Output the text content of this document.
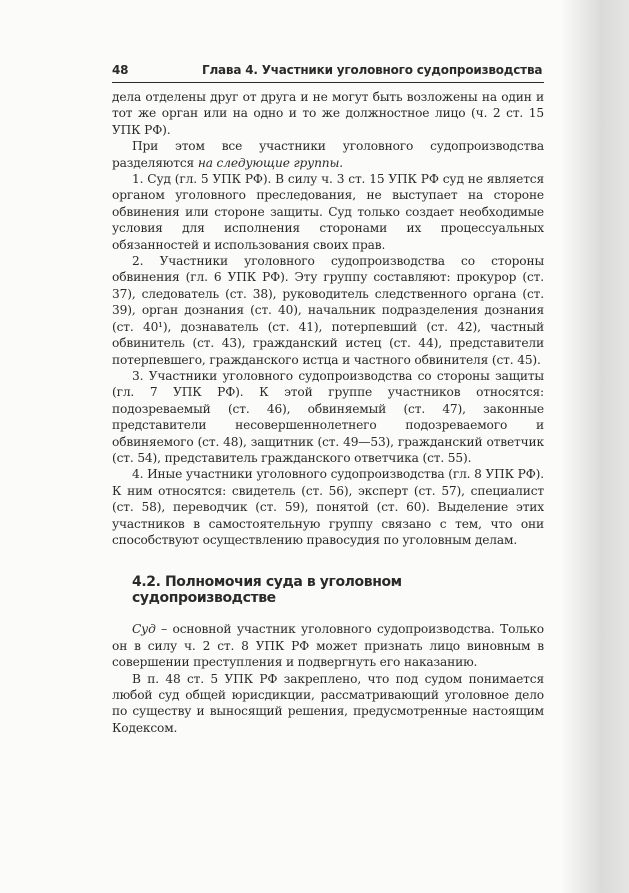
48	Глава 4. Участники уголовного судопроизводства

дела отделены друг от друга и не могут быть возложены на один и тот же орган или на одно и то же должностное лицо (ч. 2 ст. 15 УПК РФ).

При этом все участники уголовного судопроизводства разделяются на следующие группы.

1. Суд (гл. 5 УПК РФ). В силу ч. 3 ст. 15 УПК РФ суд не является органом уголовного преследования, не выступает на стороне обвинения или стороне защиты. Суд только создает необходимые условия для исполнения сторонами их процессуальных обязанностей и использования своих прав.

2. Участники уголовного судопроизводства со стороны обвинения (гл. 6 УПК РФ). Эту группу составляют: прокурор (ст. 37), следователь (ст. 38), руководитель следственного органа (ст. 39), орган дознания (ст. 40), начальник подразделения дознания (ст. 40¹), дознаватель (ст. 41), потерпевший (ст. 42), частный обвинитель (ст. 43), гражданский истец (ст. 44), представители потерпевшего, гражданского истца и частного обвинителя (ст. 45).

3. Участники уголовного судопроизводства со стороны защиты (гл. 7 УПК РФ). К этой группе участников относятся: подозреваемый (ст. 46), обвиняемый (ст. 47), законные представители несовершеннолетнего подозреваемого и обвиняемого (ст. 48), защитник (ст. 49—53), гражданский ответчик (ст. 54), представитель гражданского ответчика (ст. 55).

4. Иные участники уголовного судопроизводства (гл. 8 УПК РФ). К ним относятся: свидетель (ст. 56), эксперт (ст. 57), специалист (ст. 58), переводчик (ст. 59), понятой (ст. 60). Выделение этих участников в самостоятельную группу связано с тем, что они способствуют осуществлению правосудия по уголовным делам.

4.2. Полномочия суда в уголовном судопроизводстве

Суд – основной участник уголовного судопроизводства. Только он в силу ч. 2 ст. 8 УПК РФ может признать лицо виновным в совершении преступления и подвергнуть его наказанию.

В п. 48 ст. 5 УПК РФ закреплено, что под судом понимается любой суд общей юрисдикции, рассматривающий уголовное дело по существу и выносящий решения, предусмотренные настоящим Кодексом.
